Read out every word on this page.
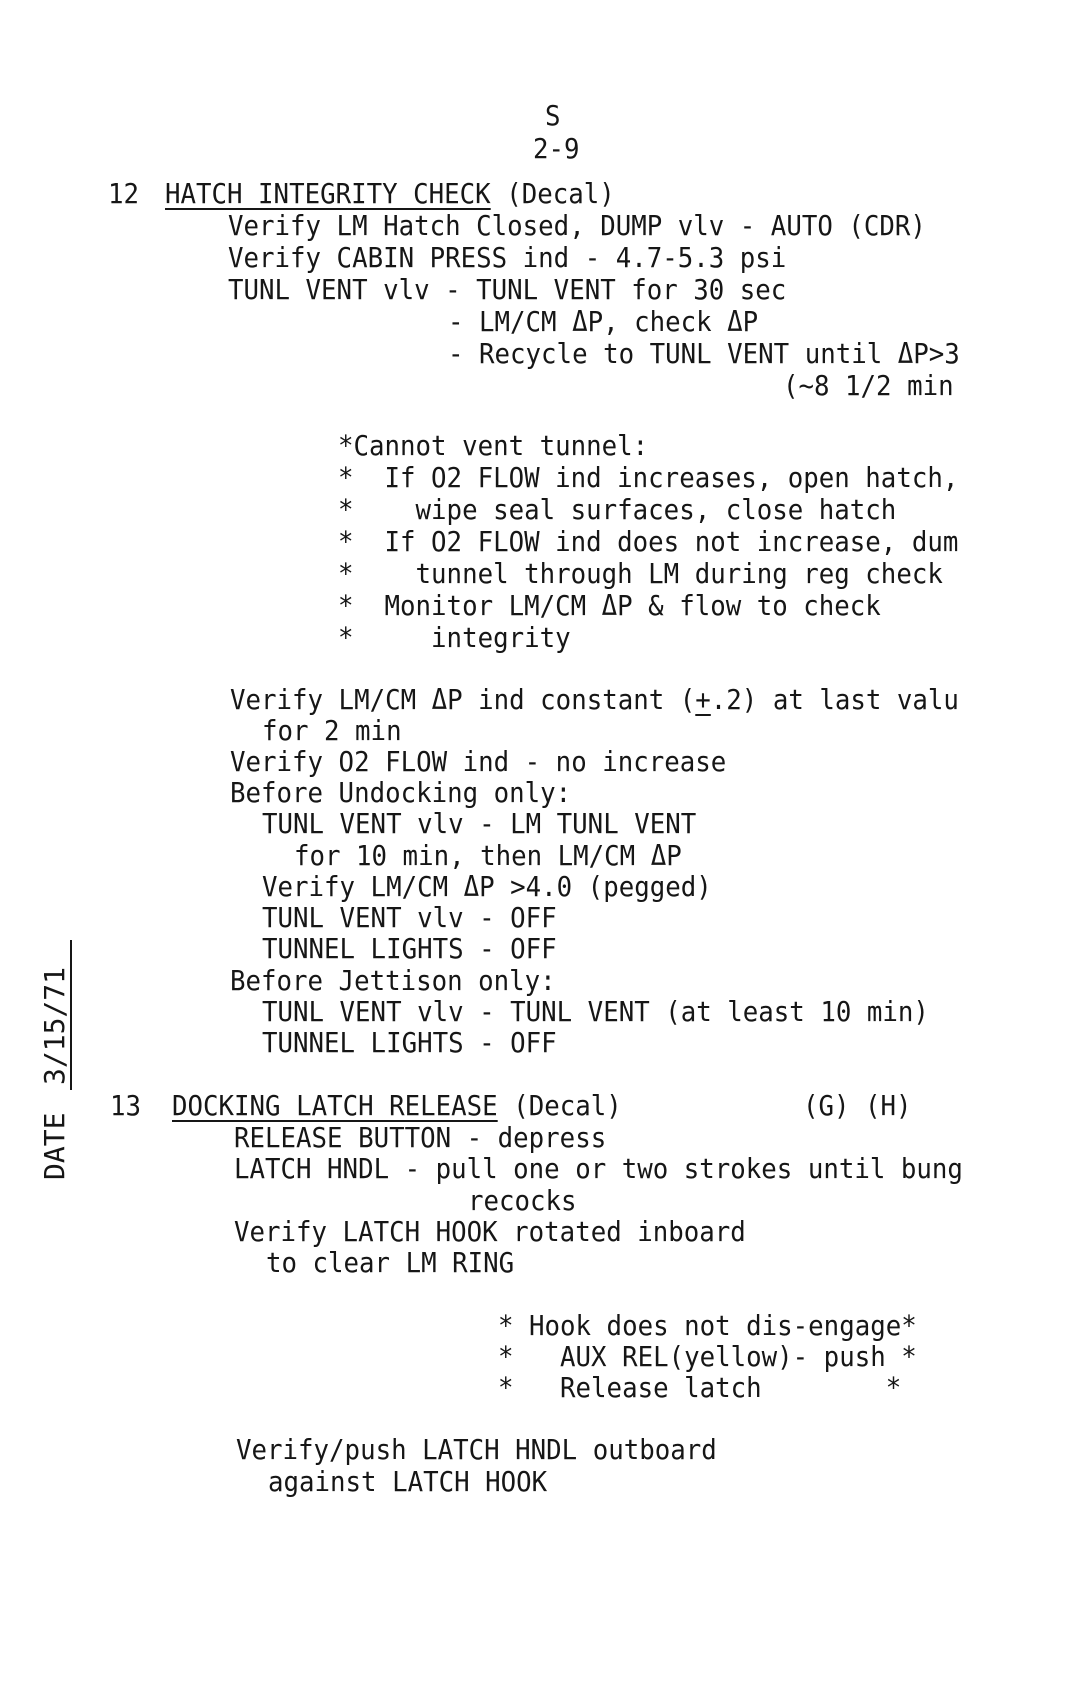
S
2-9
12 HATCH INTEGRITY CHECK (Decal)
Verify LM Hatch Closed, DUMP vlv - AUTO (CDR)
Verify CABIN PRESS ind - 4.7-5.3 psi
TUNL VENT vlv - TUNL VENT for 30 sec
- LM/CM ΔP, check ΔP
- Recycle to TUNL VENT until ΔP>3
(~8 1/2 min
*Cannot vent tunnel:
*  If O2 FLOW ind increases, open hatch,
*    wipe seal surfaces, close hatch
*  If O2 FLOW ind does not increase, dum
*    tunnel through LM during reg check
*  Monitor LM/CM ΔP & flow to check
*     integrity
Verify LM/CM ΔP ind constant (+.2) at last valu
for 2 min
Verify O2 FLOW ind - no increase
Before Undocking only:
TUNL VENT vlv - LM TUNL VENT
for 10 min, then LM/CM ΔP
Verify LM/CM ΔP >4.0 (pegged)
TUNL VENT vlv - OFF
TUNNEL LIGHTS - OFF
Before Jettison only:
TUNL VENT vlv - TUNL VENT (at least 10 min)
TUNNEL LIGHTS - OFF
13 DOCKING LATCH RELEASE (Decal)	(G) (H)
RELEASE BUTTON - depress
LATCH HNDL - pull one or two strokes until bung
recocks
Verify LATCH HOOK rotated inboard
to clear LM RING
* Hook does not dis-engage*
*   AUX REL(yellow)- push *
*   Release latch        *
Verify/push LATCH HNDL outboard
against LATCH HOOK
DATE
3/15/71
